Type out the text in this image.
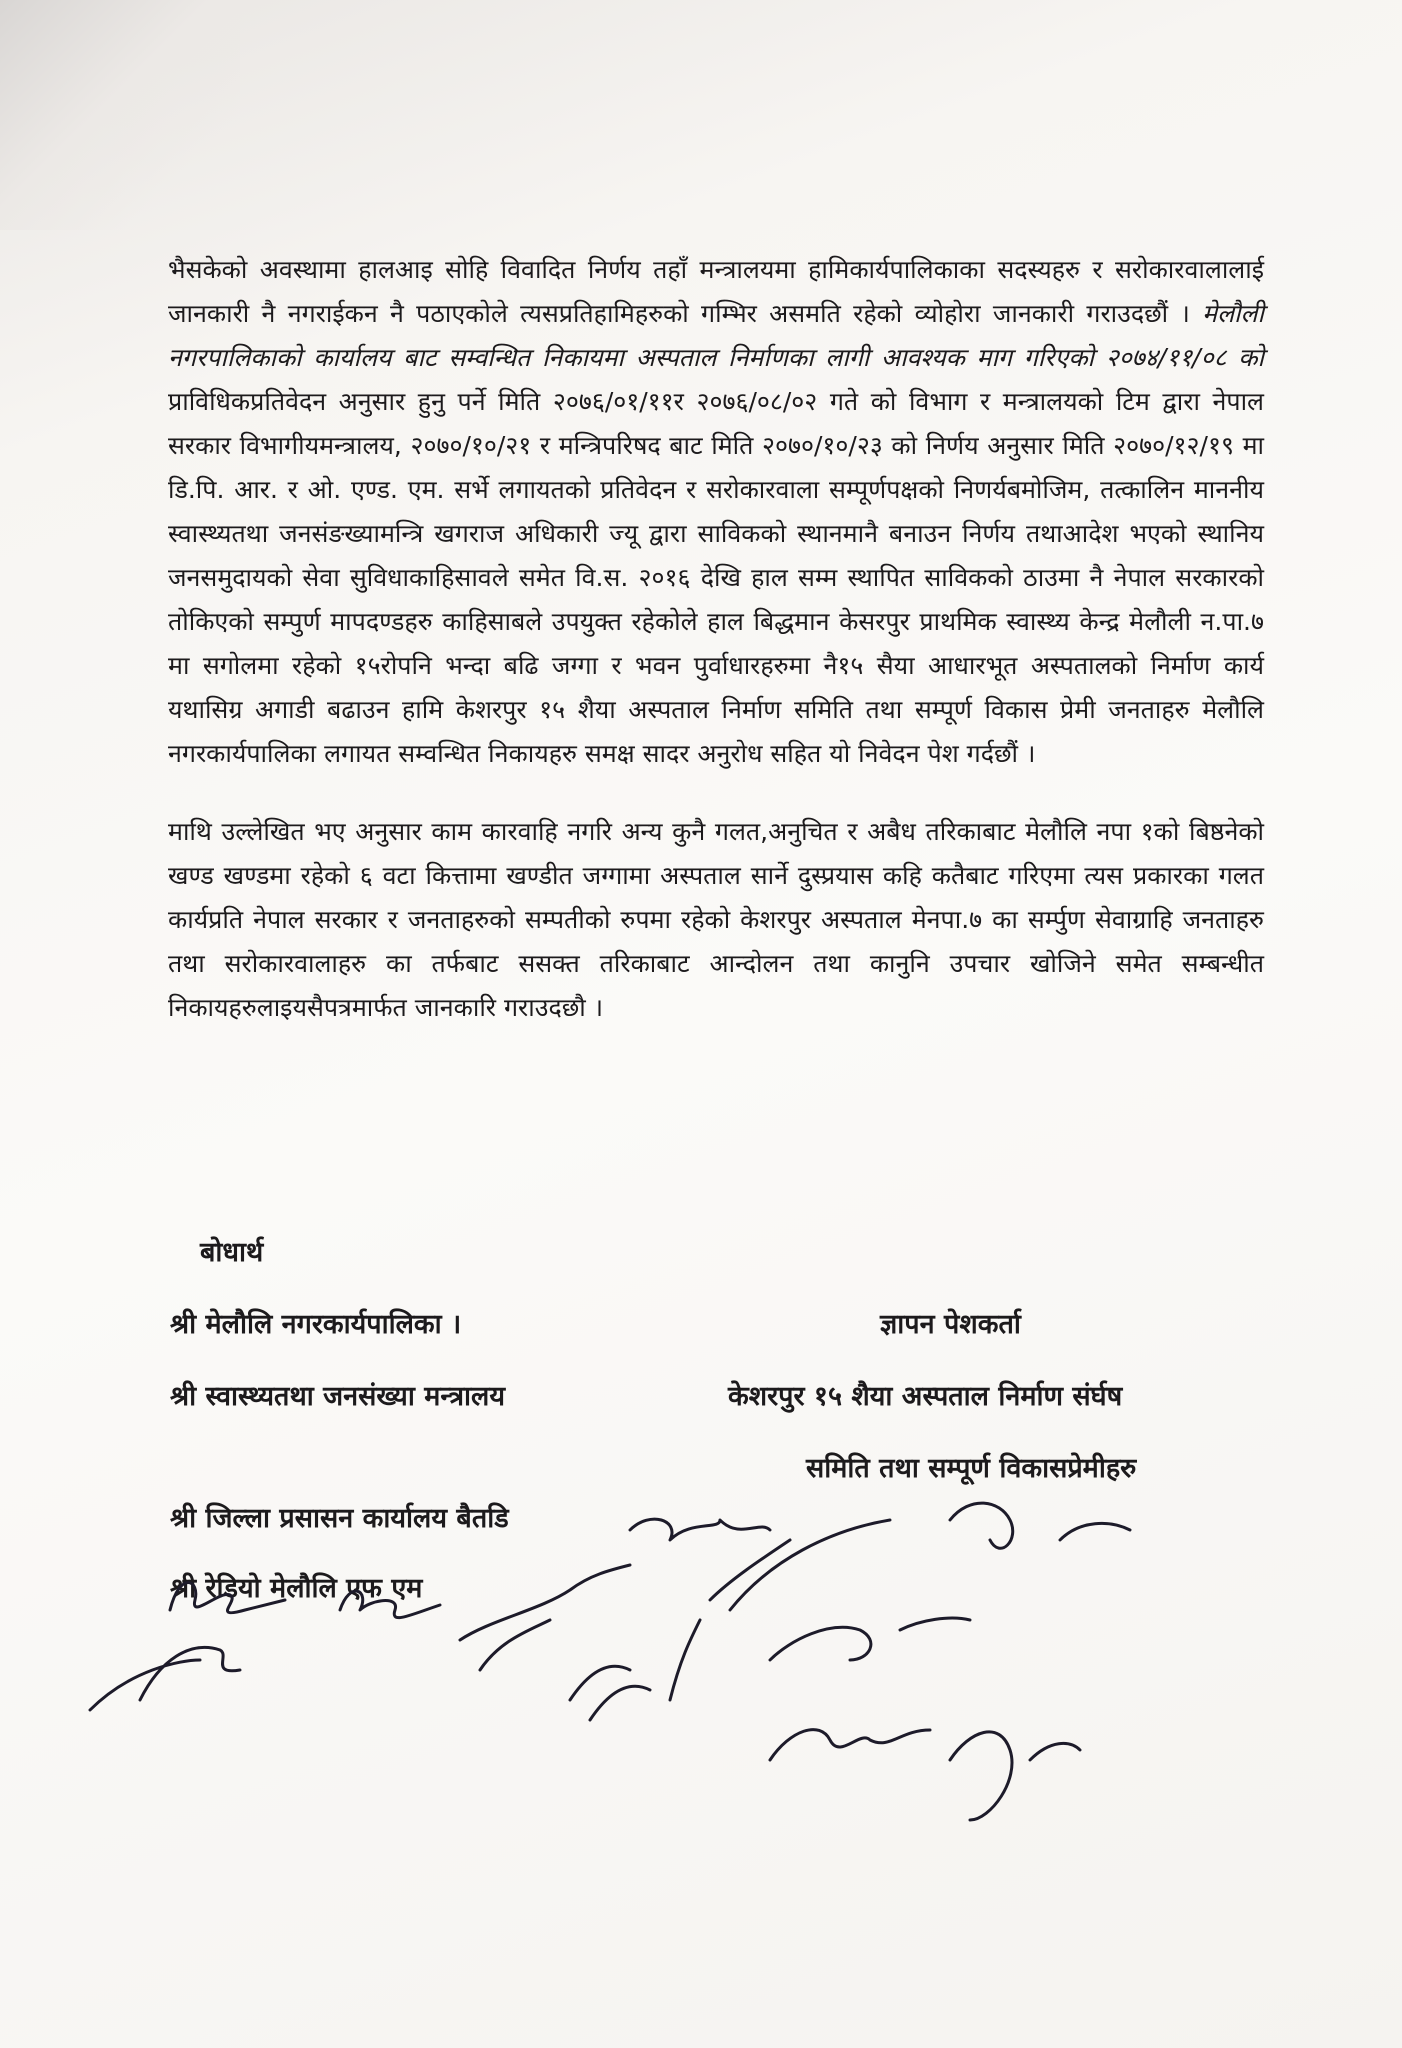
भैसकेको अवस्थामा हालआइ सोहि विवादित निर्णय तहाँ मन्त्रालयमा हामिकार्यपालिकाका सदस्यहरु र सरोकारवालालाई जानकारी नै नगराईकन नै पठाएकोले त्यसप्रतिहामिहरुको गम्भिर असमति रहेको व्योहोरा जानकारी गराउदछौं । मेलौली नगरपालिकाको कार्यालय बाट सम्वन्धित निकायमा अस्पताल निर्माणका लागी आवश्यक माग गरिएको २०७४/११/०८ को प्राविधिकप्रतिवेदन अनुसार हुनु पर्ने मिति २०७६/०१/११र २०७६/०८/०२ गते को विभाग र मन्त्रालयको टिम द्वारा नेपाल सरकार विभागीयमन्त्रालय, २०७०/१०/२१ र मन्त्रिपरिषद बाट मिति २०७०/१०/२३ को निर्णय अनुसार मिति २०७०/१२/१९ मा डि.पि. आर. र ओ. एण्ड. एम. सर्भे लगायतको प्रतिवेदन र सरोकारवाला सम्पूर्णपक्षको निणर्यबमोजिम, तत्कालिन माननीय स्वास्थ्यतथा जनसंङख्यामन्त्रि खगराज अधिकारी ज्यू द्वारा साविकको स्थानमानै बनाउन निर्णय तथाआदेश भएको स्थानिय जनसमुदायको सेवा सुविधाकाहिसावले समेत वि.स. २०१६ देखि हाल सम्म स्थापित साविकको ठाउमा नै नेपाल सरकारको तोकिएको सम्पुर्ण मापदण्डहरु काहिसाबले उपयुक्त रहेकोले हाल बिद्धमान केसरपुर प्राथमिक स्वास्थ्य केन्द्र मेलौली न.पा.७ मा सगोलमा रहेको १५रोपनि भन्दा बढि जग्गा र भवन पुर्वाधारहरुमा नै१५ सैया आधारभूत अस्पतालको निर्माण कार्य यथासिग्र अगाडी बढाउन हामि केशरपुर १५ शैया अस्पताल निर्माण समिति तथा सम्पूर्ण विकास प्रेमी जनताहरु मेलौलि नगरकार्यपालिका लगायत सम्वन्धित निकायहरु समक्ष सादर अनुरोध सहित यो निवेदन पेश गर्दछौं ।

माथि उल्लेखित भए अनुसार काम कारवाहि नगरि अन्य कुनै गलत,अनुचित र अबैध तरिकाबाट मेलौलि नपा १को बिष्ठनेको खण्ड खण्डमा रहेको ६ वटा कित्तामा खण्डीत जग्गामा अस्पताल सार्ने दुस्प्रयास कहि कतैबाट गरिएमा त्यस प्रकारका गलत कार्यप्रति नेपाल सरकार र जनताहरुको सम्पतीको रुपमा रहेको केशरपुर अस्पताल मेनपा.७ का सर्म्पुण सेवाग्राहि जनताहरु तथा सरोकारवालाहरु का तर्फबाट ससक्त तरिकाबाट आन्दोलन तथा कानुनि उपचार खोजिने समेत सम्बन्धीत निकायहरुलाइयसैपत्रमार्फत जानकारि गराउदछौ ।

बोधार्थ
श्री मेलौलि नगरकार्यपालिका ।
श्री स्वास्थ्यतथा जनसंख्या मन्त्रालय
श्री जिल्ला प्रसासन कार्यालय बैतडि
श्री रेडियो मेलौलि एफ एम
ज्ञापन पेशकर्ता
केशरपुर १५ शैया अस्पताल निर्माण संर्घष
समिति तथा सम्पूर्ण विकासप्रेमीहरु
